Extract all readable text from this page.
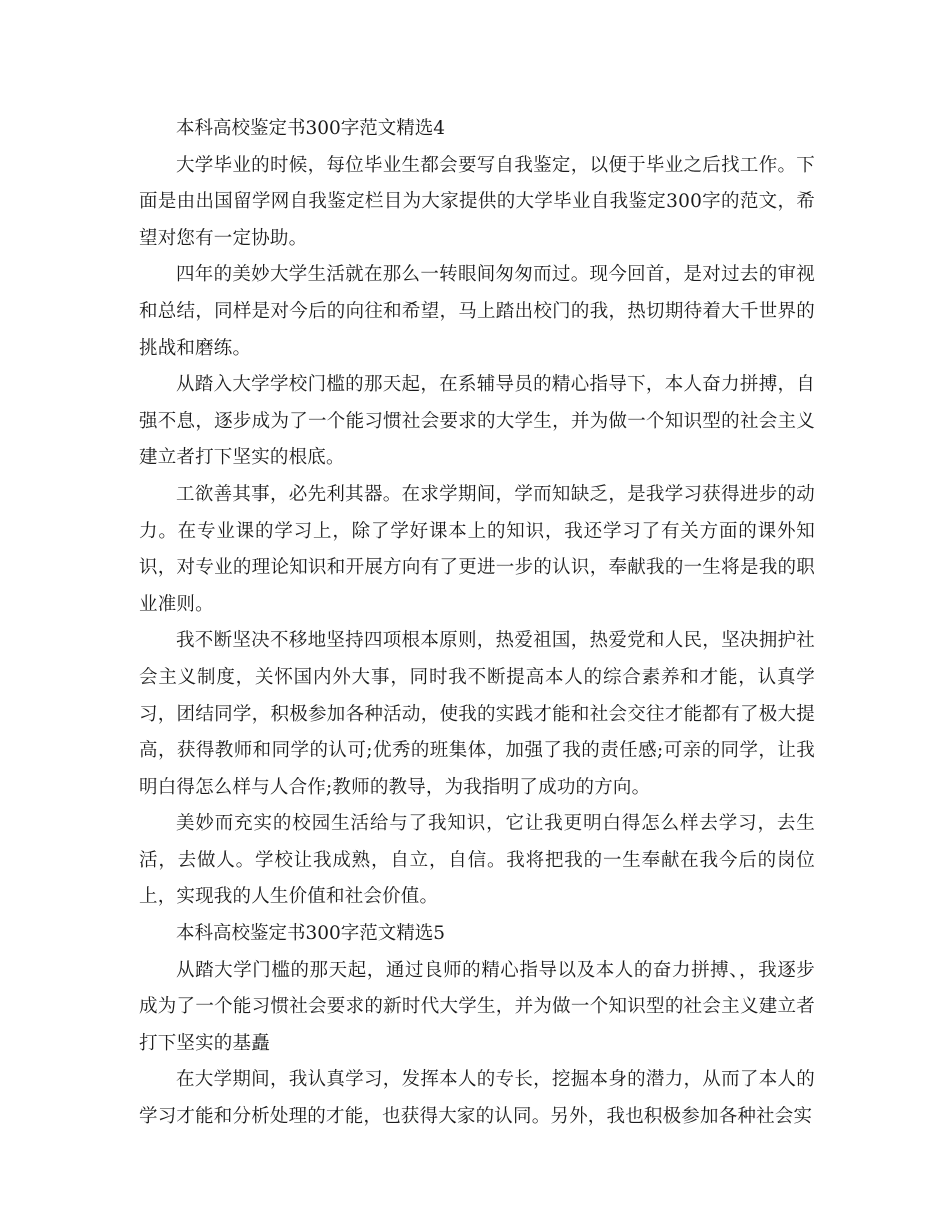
本科高校鉴定书300字范文精选4

大学毕业的时候，每位毕业生都会要写自我鉴定，以便于毕业之后找工作。下面是由出国留学网自我鉴定栏目为大家提供的大学毕业自我鉴定300字的范文，希望对您有一定协助。

四年的美妙大学生活就在那么一转眼间匆匆而过。现今回首，是对过去的审视和总结，同样是对今后的向往和希望，马上踏出校门的我，热切期待着大千世界的挑战和磨练。

从踏入大学学校门槛的那天起，在系辅导员的精心指导下，本人奋力拼搏，自强不息，逐步成为了一个能习惯社会要求的大学生，并为做一个知识型的社会主义建立者打下坚实的根底。

工欲善其事，必先利其器。在求学期间，学而知缺乏，是我学习获得进步的动力。在专业课的学习上，除了学好课本上的知识，我还学习了有关方面的课外知识，对专业的理论知识和开展方向有了更进一步的认识，奉献我的一生将是我的职业准则。

我不断坚决不移地坚持四项根本原则，热爱祖国，热爱党和人民，坚决拥护社会主义制度，关怀国内外大事，同时我不断提高本人的综合素养和才能，认真学习，团结同学，积极参加各种活动，使我的实践才能和社会交往才能都有了极大提高，获得教师和同学的认可;优秀的班集体，加强了我的责任感;可亲的同学，让我明白得怎么样与人合作;教师的教导，为我指明了成功的方向。

美妙而充实的校园生活给与了我知识，它让我更明白得怎么样去学习，去生活，去做人。学校让我成熟，自立，自信。我将把我的一生奉献在我今后的岗位上，实现我的人生价值和社会价值。

本科高校鉴定书300字范文精选5

从踏大学门槛的那天起，通过良师的精心指导以及本人的奋力拼搏、，我逐步成为了一个能习惯社会要求的新时代大学生，并为做一个知识型的社会主义建立者打下坚实的基矗

在大学期间，我认真学习，发挥本人的专长，挖掘本身的潜力，从而了本人的学习才能和分析处理的才能，也获得大家的认同。另外，我也积极参加各种社会实
